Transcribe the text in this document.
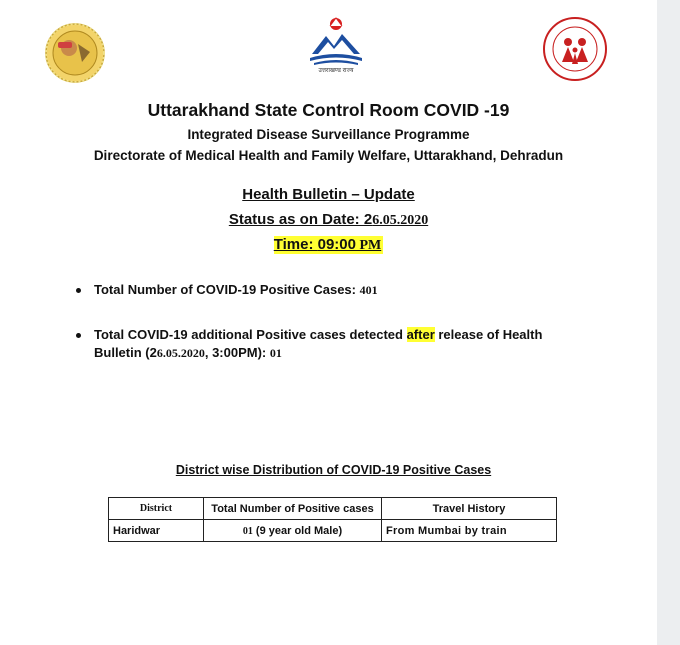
उत्तराखण्ड राज्य
Uttarakhand State Control Room COVID -19
Integrated Disease Surveillance Programme
Directorate of Medical Health and Family Welfare, Uttarakhand, Dehradun
Health Bulletin – Update
Status as on Date: 26.05.2020
Time: 09:00 PM
Total Number of COVID-19 Positive Cases: 401
Total COVID-19 additional Positive cases detected after release of Health
Bulletin (26.05.2020, 3:00PM): 01
District wise Distribution of COVID-19 Positive Cases
District	Total Number of Positive cases	Travel History
Haridwar	01 (9 year old Male)	From Mumbai by train
